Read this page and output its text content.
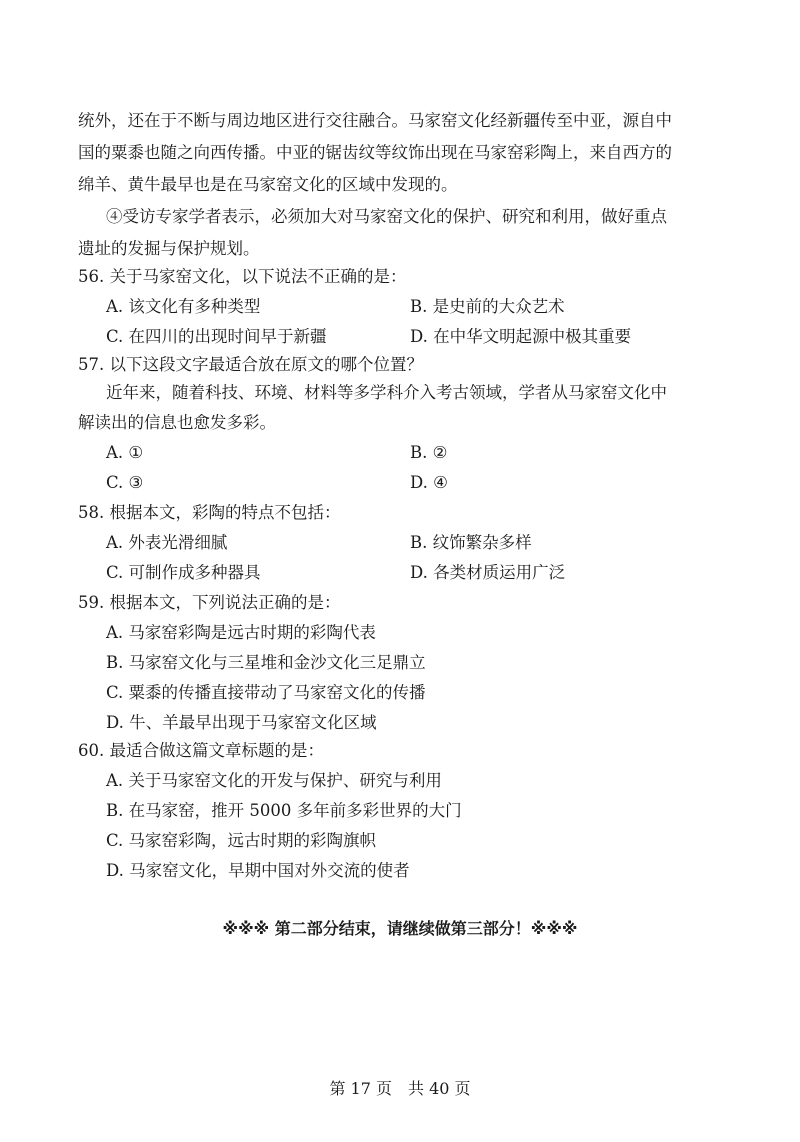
统外，还在于不断与周边地区进行交往融合。马家窑文化经新疆传至中亚，源自中
国的粟黍也随之向西传播。中亚的锯齿纹等纹饰出现在马家窑彩陶上，来自西方的
绵羊、黄牛最早也是在马家窑文化的区域中发现的。
④受访专家学者表示，必须加大对马家窑文化的保护、研究和利用，做好重点
遗址的发掘与保护规划。
56. 关于马家窑文化，以下说法不正确的是：
A. 该文化有多种类型	B. 是史前的大众艺术
C. 在四川的出现时间早于新疆	D. 在中华文明起源中极其重要
57. 以下这段文字最适合放在原文的哪个位置？
近年来，随着科技、环境、材料等多学科介入考古领域，学者从马家窑文化中
解读出的信息也愈发多彩。
A. ①	B. ②
C. ③	D. ④
58. 根据本文，彩陶的特点不包括：
A. 外表光滑细腻	B. 纹饰繁杂多样
C. 可制作成多种器具	D. 各类材质运用广泛
59. 根据本文，下列说法正确的是：
A. 马家窑彩陶是远古时期的彩陶代表
B. 马家窑文化与三星堆和金沙文化三足鼎立
C. 粟黍的传播直接带动了马家窑文化的传播
D. 牛、羊最早出现于马家窑文化区域
60. 最适合做这篇文章标题的是：
A. 关于马家窑文化的开发与保护、研究与利用
B. 在马家窑，推开 5000 多年前多彩世界的大门
C. 马家窑彩陶，远古时期的彩陶旗帜
D. 马家窑文化，早期中国对外交流的使者
※※※ 第二部分结束，请继续做第三部分！※※※
第 17 页　共 40 页
